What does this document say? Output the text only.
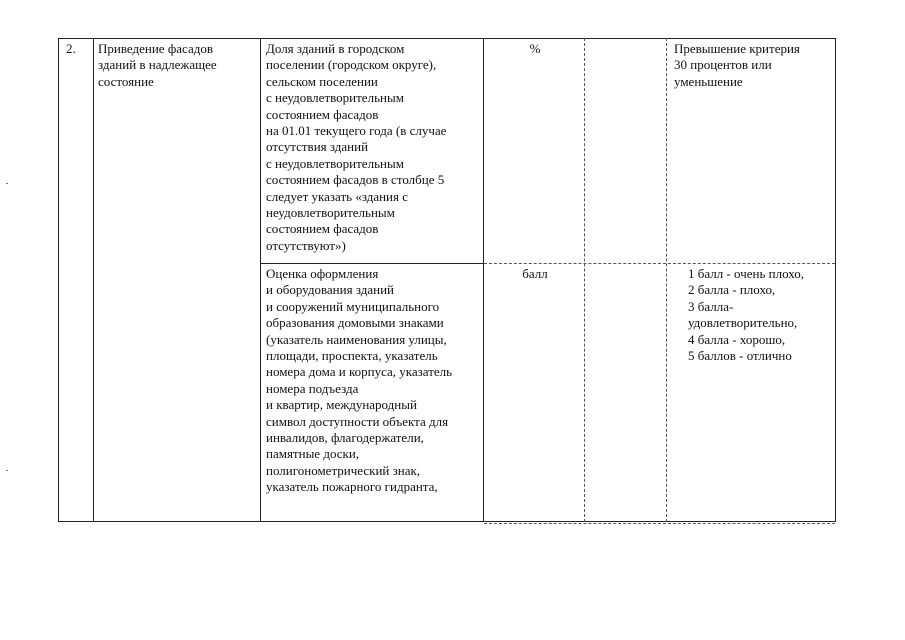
2. Приведение фасадов
зданий в надлежащее
состояние
Доля зданий в городском
поселении (городском округе),
сельском поселении
с неудовлетворительным
состоянием фасадов
на 01.01 текущего года (в случае
отсутствия зданий
с неудовлетворительным
состоянием фасадов в столбце 5
следует указать «здания с
неудовлетворительным
состоянием фасадов
отсутствуют»)
%	Превышение критерия
30 процентов или
уменьшение
Оценка оформления
и оборудования зданий
и сооружений муниципального
образования домовыми знаками
(указатель наименования улицы,
площади, проспекта, указатель
номера дома и корпуса, указатель
номера подъезда
и квартир, международный
символ доступности объекта для
инвалидов, флагодержатели,
памятные доски,
полигонометрический знак,
указатель пожарного гидранта,
балл	1 балл - очень плохо,
2 балла - плохо,
3 балла-
удовлетворительно,
4 балла - хорошо,
5 баллов - отлично
